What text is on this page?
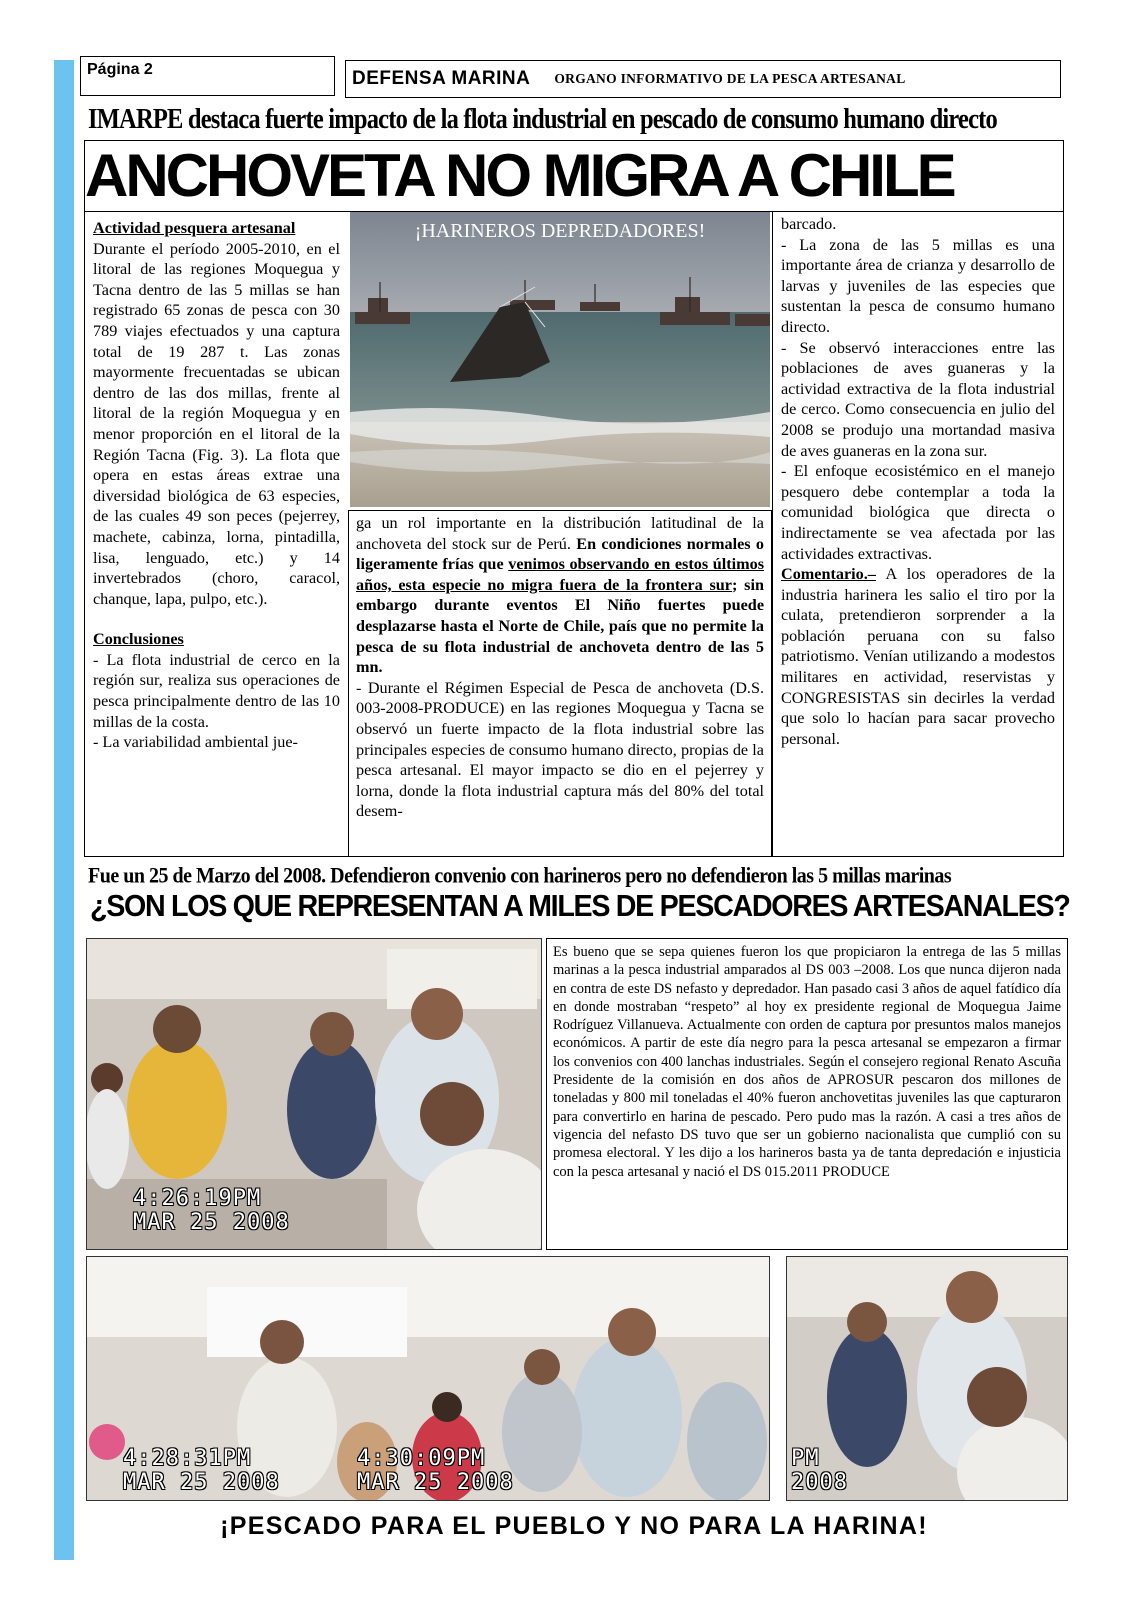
Página 2	DEFENSA MARINA ORGANO INFORMATIVO DE LA PESCA ARTESANAL
IMARPE destaca fuerte impacto de la flota industrial en pescado de consumo humano directo
ANCHOVETA NO MIGRA A CHILE

Actividad pesquera artesanal

Durante el período 2005-2010, en el litoral de las regiones Moquegua y Tacna dentro de las 5 millas se han registrado 65 zonas de pesca con 30 789 viajes efectuados y una captura total de 19 287 t. Las zonas mayormente frecuentadas se ubican dentro de las dos millas, frente al litoral de la región Moquegua y en menor proporción en el litoral de la Región Tacna (Fig. 3). La flota que opera en estas áreas extrae una diversidad biológica de 63 especies, de las cuales 49 son peces (pejerrey, machete, cabinza, lorna, pintadilla, lisa, lenguado, etc.) y 14 invertebrados (choro, caracol, chanque, lapa, pulpo, etc.).

Conclusiones

- La flota industrial de cerco en la región sur, realiza sus operaciones de pesca principalmente dentro de las 10 millas de la costa.

- La variabilidad ambiental jue-

¡HARINEROS DEPREDADORES!

ga un rol importante en la distribución latitudinal de la anchoveta del stock sur de Perú. En condiciones normales o ligeramente frías que venimos observando en estos últimos años, esta especie no migra fuera de la frontera sur; sin embargo durante eventos El Niño fuertes puede desplazarse hasta el Norte de Chile, país que no permite la pesca de su flota industrial de anchoveta dentro de las 5 mn.

- Durante el Régimen Especial de Pesca de anchoveta (D.S. 003-2008-PRODUCE) en las regiones Moquegua y Tacna se observó un fuerte impacto de la flota industrial sobre las principales especies de consumo humano directo, propias de la pesca artesanal. El mayor impacto se dio en el pejerrey y lorna, donde la flota industrial captura más del 80% del total desem-

barcado.

- La zona de las 5 millas es una importante área de crianza y desarrollo de larvas y juveniles de las especies que sustentan la pesca de consumo humano directo.

- Se observó interacciones entre las poblaciones de aves guaneras y la actividad extractiva de la flota industrial de cerco. Como consecuencia en julio del 2008 se produjo una mortandad masiva de aves guaneras en la zona sur.

- El enfoque ecosistémico en el manejo pesquero debe contemplar a toda la comunidad biológica que directa o indirectamente se vea afectada por las actividades extractivas.

Comentario.– A los operadores de la industria harinera les salio el tiro por la culata, pretendieron sorprender a la población peruana con su falso patriotismo. Venían utilizando a modestos militares en actividad, reservistas y CONGRESISTAS sin decirles la verdad que solo lo hacían para sacar provecho personal.

Fue un 25 de Marzo del 2008. Defendieron convenio con harineros pero no defendieron las 5 millas marinas
¿SON LOS QUE REPRESENTAN A MILES DE PESCADORES ARTESANALES?
4:26:19PM
MAR 25 2008
Es bueno que se sepa quienes fueron los que propiciaron la entrega de las 5 millas marinas a la pesca industrial amparados al DS 003 –2008. Los que nunca dijeron nada en contra de este DS nefasto y depredador. Han pasado casi 3 años de aquel fatídico día en donde mostraban “respeto” al hoy ex presidente regional de Moquegua Jaime Rodríguez Villanueva. Actualmente con orden de captura por presuntos malos manejos económicos. A partir de este día negro para la pesca artesanal se empezaron a firmar los convenios con 400 lanchas industriales. Según el consejero regional Renato Ascuña Presidente de la comisión en dos años de APROSUR pescaron dos millones de toneladas y 800 mil toneladas el 40% fueron anchovetitas juveniles las que capturaron para convertirlo en harina de pescado. Pero pudo mas la razón. A casi a tres años de vigencia del nefasto DS tuvo que ser un gobierno nacionalista que cumplió con su promesa electoral. Y les dijo a los harineros basta ya de tanta depredación e injusticia con la pesca artesanal y nació el DS 015.2011 PRODUCE
4:28:31PM
MAR 25 2008
4:30:09PM
MAR 25 2008
PM
2008
¡PESCADO PARA EL PUEBLO Y NO PARA LA HARINA!
